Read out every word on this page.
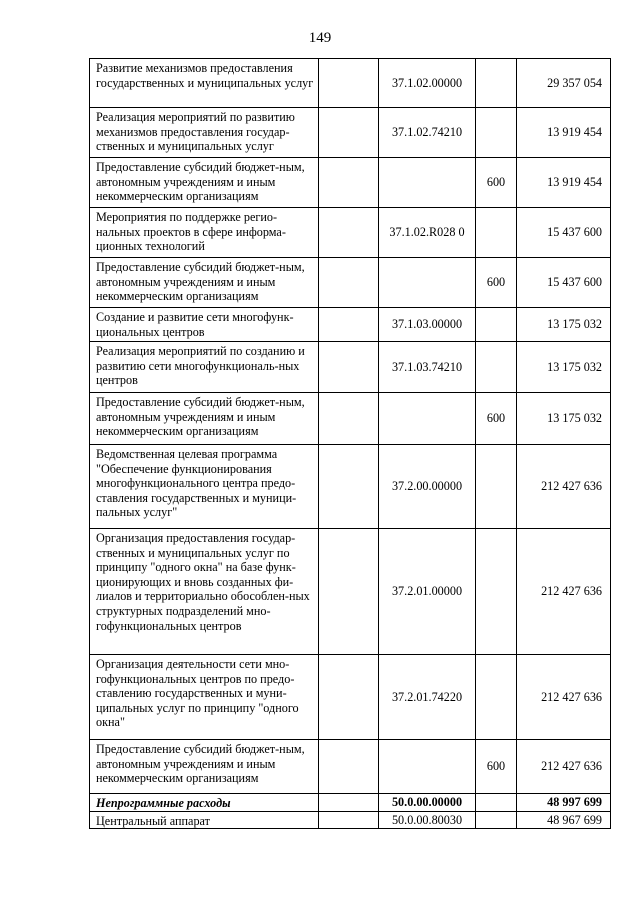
149
Развитие механизмов предоставления государственных и муниципальных услуг		37.1.02.00000		29 357 054
Реализация мероприятий по развитию механизмов предоставления государ-ственных и муниципальных услуг		37.1.02.74210		13 919 454
Предоставление субсидий бюджет-ным, автономным учреждениям и иным некоммерческим организациям			600	13 919 454
Мероприятия по поддержке регио-нальных проектов в сфере информа-ционных технологий		37.1.02.R028 0		15 437 600
Предоставление субсидий бюджет-ным, автономным учреждениям и иным некоммерческим организациям			600	15 437 600
Создание и развитие сети многофунк-циональных центров		37.1.03.00000		13 175 032
Реализация мероприятий по созданию и развитию сети многофункциональ-ных центров		37.1.03.74210		13 175 032
Предоставление субсидий бюджет-ным, автономным учреждениям и иным некоммерческим организациям			600	13 175 032
Ведомственная целевая программа "Обеспечение функционирования многофункционального центра предо-ставления государственных и муници-пальных услуг"		37.2.00.00000		212 427 636
Организация предоставления государ-ственных и муниципальных услуг по принципу "одного окна" на базе функ-ционирующих и вновь созданных фи-лиалов и территориально обособлен-ных структурных подразделений мно-гофункциональных центров		37.2.01.00000		212 427 636
Организация деятельности сети мно-гофункциональных центров по предо-ставлению государственных и муни-ципальных услуг по принципу "одного окна"		37.2.01.74220		212 427 636
Предоставление субсидий бюджет-ным, автономным учреждениям и иным некоммерческим организациям			600	212 427 636
Непрограммные расходы		50.0.00.00000		48 997 699
Центральный аппарат		50.0.00.80030		48 967 699
